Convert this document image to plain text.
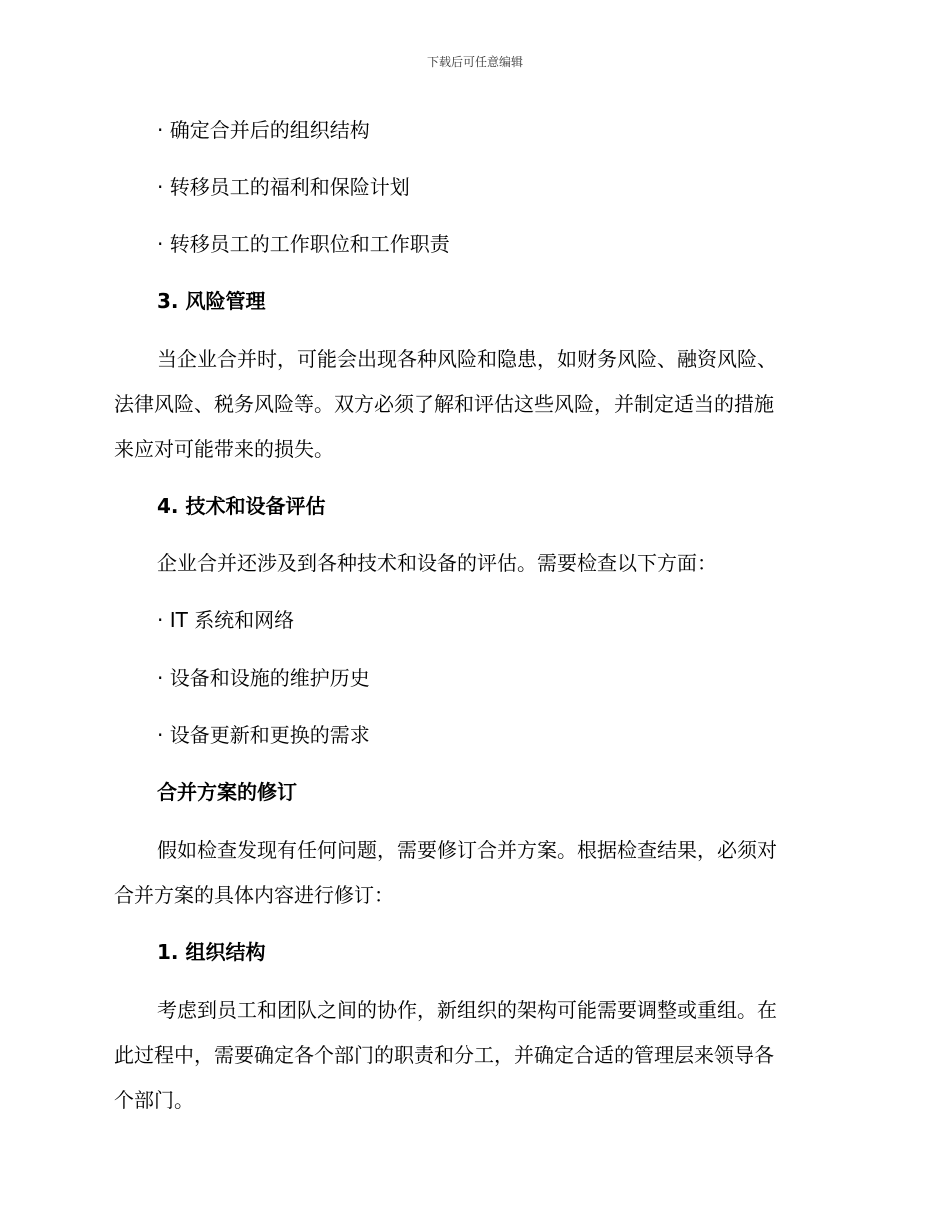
下载后可任意编辑
· 确定合并后的组织结构
· 转移员工的福利和保险计划
· 转移员工的工作职位和工作职责
3. 风险管理
当企业合并时，可能会出现各种风险和隐患，如财务风险、融资风险、
法律风险、税务风险等。双方必须了解和评估这些风险，并制定适当的措施
来应对可能带来的损失。
4. 技术和设备评估
企业合并还涉及到各种技术和设备的评估。需要检查以下方面：
· IT 系统和网络
· 设备和设施的维护历史
· 设备更新和更换的需求
合并方案的修订
假如检查发现有任何问题，需要修订合并方案。根据检查结果，必须对
合并方案的具体内容进行修订：
1. 组织结构
考虑到员工和团队之间的协作，新组织的架构可能需要调整或重组。在
此过程中，需要确定各个部门的职责和分工，并确定合适的管理层来领导各
个部门。
